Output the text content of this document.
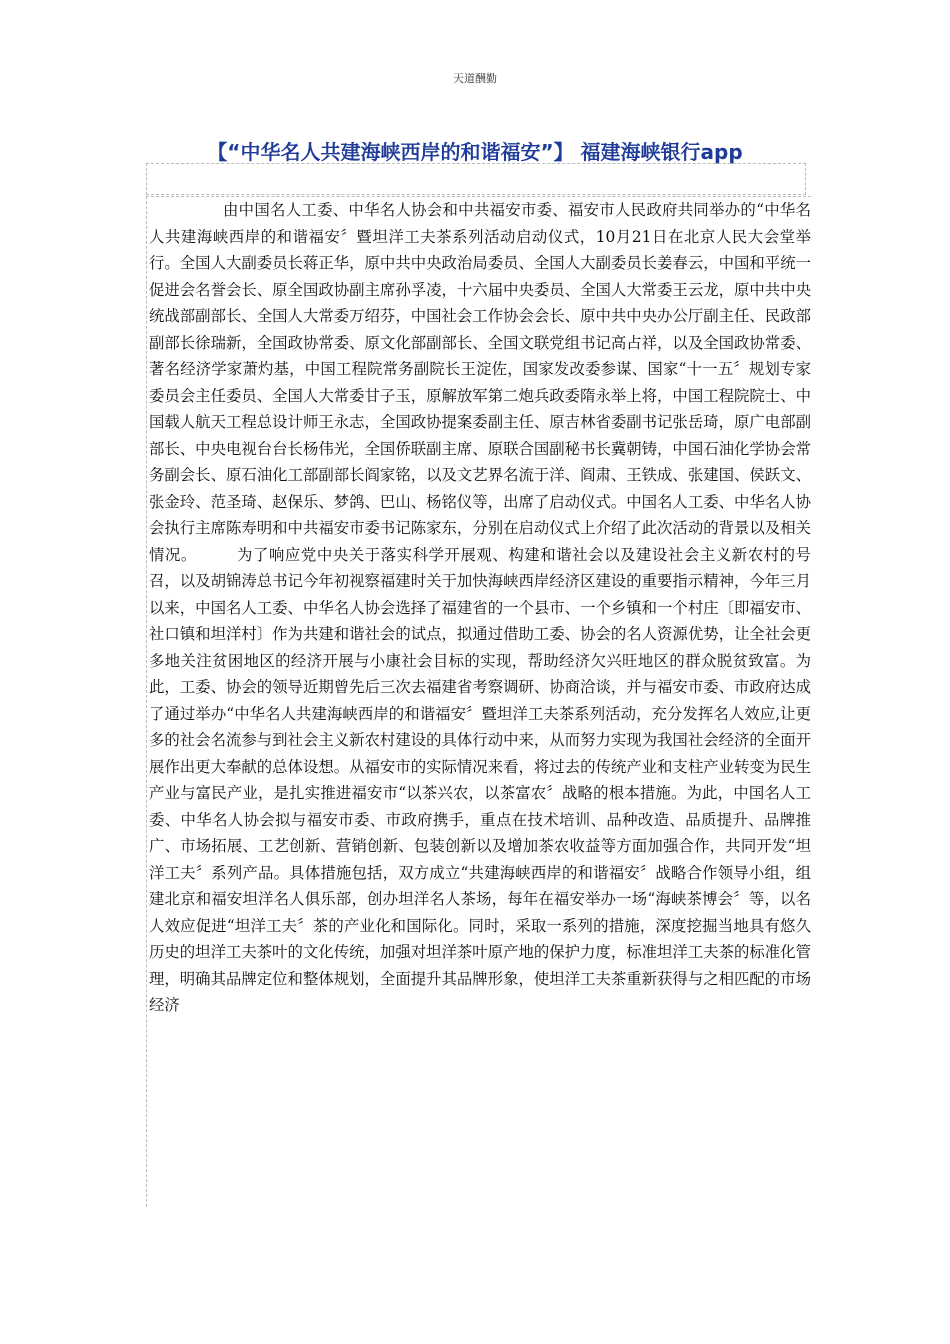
天道酬勤
【“中华名人共建海峡西岸的和谐福安”】 福建海峡银行app

由中国名人工委、中华名人协会和中共福安市委、福安市人民政府共同举办的“中华名人共建海峡西岸的和谐福安〞暨坦洋工夫茶系列活动启动仪式，10月21日在北京人民大会堂举行。全国人大副委员长蒋正华，原中共中央政治局委员、全国人大副委员长姜春云，中国和平统一促进会名誉会长、原全国政协副主席孙孚凌，十六届中央委员、全国人大常委王云龙，原中共中央统战部副部长、全国人大常委万绍芬，中国社会工作协会会长、原中共中央办公厅副主任、民政部副部长徐瑞新，全国政协常委、原文化部副部长、全国文联党组书记高占祥，以及全国政协常委、著名经济学家萧灼基，中国工程院常务副院长王淀佐，国家发改委参谋、国家“十一五〞规划专家委员会主任委员、全国人大常委甘子玉，原解放军第二炮兵政委隋永举上将，中国工程院院士、中国载人航天工程总设计师王永志，全国政协提案委副主任、原吉林省委副书记张岳琦，原广电部副部长、中央电视台台长杨伟光，全国侨联副主席、原联合国副秘书长冀朝铸，中国石油化学协会常务副会长、原石油化工部副部长阎家铭，以及文艺界名流于洋、阎肃、王铁成、张建国、侯跃文、张金玲、范圣琦、赵保乐、梦鸽、巴山、杨铭仪等，出席了启动仪式。中国名人工委、中华名人协会执行主席陈寿明和中共福安市委书记陈家东，分别在启动仪式上介绍了此次活动的背景以及相关情况。　　　为了响应党中央关于落实科学开展观、构建和谐社会以及建设社会主义新农村的号召，以及胡锦涛总书记今年初视察福建时关于加快海峡西岸经济区建设的重要指示精神，今年三月以来，中国名人工委、中华名人协会选择了福建省的一个县市、一个乡镇和一个村庄〔即福安市、社口镇和坦洋村〕作为共建和谐社会的试点，拟通过借助工委、协会的名人资源优势，让全社会更多地关注贫困地区的经济开展与小康社会目标的实现，帮助经济欠兴旺地区的群众脱贫致富。为此，工委、协会的领导近期曾先后三次去福建省考察调研、协商洽谈，并与福安市委、市政府达成了通过举办“中华名人共建海峡西岸的和谐福安〞暨坦洋工夫茶系列活动，充分发挥名人效应,让更多的社会名流参与到社会主义新农村建设的具体行动中来，从而努力实现为我国社会经济的全面开展作出更大奉献的总体设想。从福安市的实际情况来看，将过去的传统产业和支柱产业转变为民生产业与富民产业，是扎实推进福安市“以茶兴农，以茶富农〞战略的根本措施。为此，中国名人工委、中华名人协会拟与福安市委、市政府携手，重点在技术培训、品种改造、品质提升、品牌推广、市场拓展、工艺创新、营销创新、包装创新以及增加茶农收益等方面加强合作，共同开发“坦洋工夫〞系列产品。具体措施包括，双方成立“共建海峡西岸的和谐福安〞战略合作领导小组，组建北京和福安坦洋名人俱乐部，创办坦洋名人茶场，每年在福安举办一场“海峡茶博会〞等，以名人效应促进“坦洋工夫〞茶的产业化和国际化。同时，采取一系列的措施，深度挖掘当地具有悠久历史的坦洋工夫茶叶的文化传统，加强对坦洋茶叶原产地的保护力度，标准坦洋工夫茶的标准化管理，明确其品牌定位和整体规划，全面提升其品牌形象，使坦洋工夫茶重新获得与之相匹配的市场经济
